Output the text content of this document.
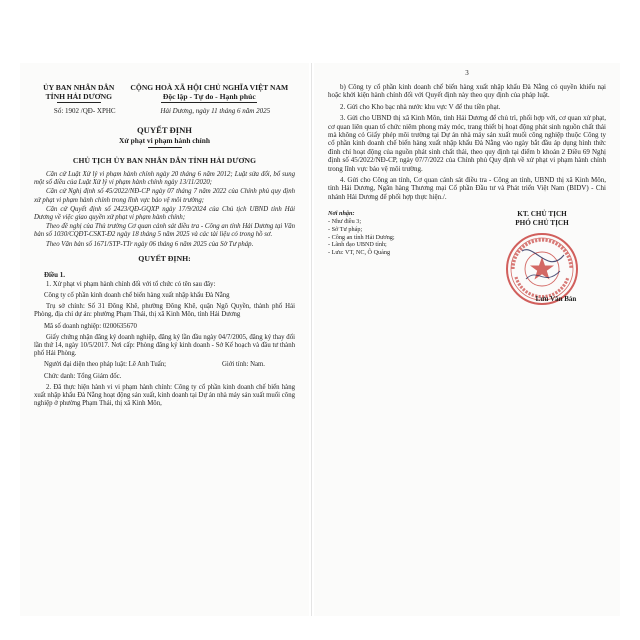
ỦY BAN NHÂN DÂN
TỈNH HẢI DƯƠNG
CỘNG HOÀ XÃ HỘI CHỦ NGHĨA VIỆT NAM
Độc lập - Tự do - Hạnh phúc
Số: 1902 /QĐ- XPHC	Hải Dương, ngày 11 tháng 6 năm 2025
QUYẾT ĐỊNH
Xử phạt vi phạm hành chính
CHỦ TỊCH ỦY BAN NHÂN DÂN TỈNH HẢI DƯƠNG

Căn cứ Luật Xử lý vi phạm hành chính ngày 20 tháng 6 năm 2012; Luật sửa đổi, bổ sung một số điều của Luật Xử lý vi phạm hành chính ngày 13/11/2020;

Căn cứ Nghị định số 45/2022/NĐ-CP ngày 07 tháng 7 năm 2022 của Chính phủ quy định xử phạt vi phạm hành chính trong lĩnh vực bảo vệ môi trường;

Căn cứ Quyết định số 2423/QĐ-GQXP ngày 17/9/2024 của Chủ tịch UBND tỉnh Hải Dương về việc giao quyền xử phạt vi phạm hành chính;

Theo đề nghị của Thủ trưởng Cơ quan cảnh sát điều tra - Công an tỉnh Hải Dương tại Văn bản số 1030/CQĐT-CSKT-Đ2 ngày 18 tháng 5 năm 2025 và các tài liệu có trong hồ sơ.

Theo Văn bản số 1671/STP-TTr ngày 06 tháng 6 năm 2025 của Sở Tư pháp.

QUYẾT ĐỊNH:
Điều 1.

1. Xử phạt vi phạm hành chính đối với tổ chức có tên sau đây:

Công ty cổ phần kinh doanh chế biến hàng xuất nhập khẩu Đà Nẵng

Trụ sở chính: Số 31 Đông Khê, phường Đông Khê, quận Ngô Quyền, thành phố Hải Phòng, địa chỉ dự án: phường Phạm Thái, thị xã Kinh Môn, tỉnh Hải Dương

Mã số doanh nghiệp: 0200635670

Giấy chứng nhận đăng ký doanh nghiệp, đăng ký lần đầu ngày 04/7/2005, đăng ký thay đổi lần thứ 14, ngày 10/5/2017. Nơi cấp: Phòng đăng ký kinh doanh - Sở Kế hoạch và đầu tư thành phố Hải Phòng.

Người đại diện theo pháp luật: Lê Anh Tuấn;	Giới tính: Nam.

Chức danh: Tổng Giám đốc.

2. Đã thực hiện hành vi vi phạm hành chính: Công ty cổ phần kinh doanh chế biến hàng xuất nhập khẩu Đà Nẵng hoạt động sản xuất, kinh doanh tại Dự án nhà máy sản xuất muối công nghiệp ở phường Phạm Thái, thị xã Kinh Môn,

3

b) Công ty cổ phần kinh doanh chế biến hàng xuất nhập khẩu Đà Nẵng có quyền khiếu nại hoặc khởi kiện hành chính đối với Quyết định này theo quy định của pháp luật.

2. Gửi cho Kho bạc nhà nước khu vực V để thu tiền phạt.

3. Gửi cho UBND thị xã Kinh Môn, tỉnh Hải Dương để chủ trì, phối hợp với, cơ quan xử phạt, cơ quan liên quan tổ chức niêm phong máy móc, trang thiết bị hoạt động phát sinh nguồn chất thải mà không có Giấy phép môi trường tại Dự án nhà máy sản xuất muối công nghiệp thuộc Công ty cổ phần kinh doanh chế biến hàng xuất nhập khẩu Đà Nẵng vào ngày bắt đầu áp dụng hình thức đình chỉ hoạt động của nguồn phát sinh chất thải, theo quy định tại điểm b khoản 2 Điều 69 Nghị định số 45/2022/NĐ-CP, ngày 07/7/2022 của Chính phủ Quy định về xử phạt vi phạm hành chính trong lĩnh vực bảo vệ môi trường.

4. Gửi cho Công an tỉnh, Cơ quan cảnh sát điều tra - Công an tỉnh, UBND thị xã Kinh Môn, tỉnh Hải Dương, Ngân hàng Thương mại Cổ phần Đầu tư và Phát triển Việt Nam (BIDV) - Chi nhánh Hải Dương để phối hợp thực hiện./.

Nơi nhận:
- Như điều 3;
- Sở Tư pháp;
- Công an tỉnh Hải Dương;
- Lãnh đạo UBND tỉnh;
- Lưu: VT, NC, Ô Quảng
KT. CHỦ TỊCH
PHÓ CHỦ TỊCH
Lưu Văn Bản
